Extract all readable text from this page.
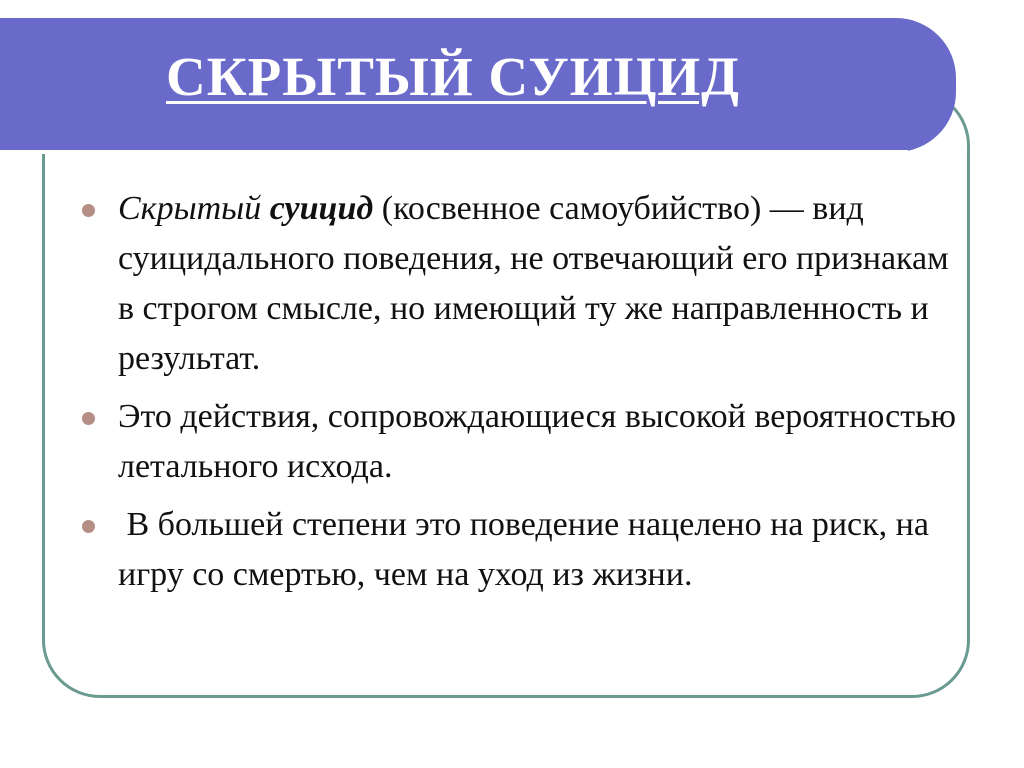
СКРЫТЫЙ СУИЦИД
Скрытый суицид (косвенное самоубийство) — вид суицидального поведения, не отвечающий его признакам в строгом смысле, но имеющий ту же направленность и результат.
Это действия, сопровождающиеся высокой вероятностью летального исхода.
В большей степени это поведение нацелено на риск, на игру со смертью, чем на уход из жизни.
